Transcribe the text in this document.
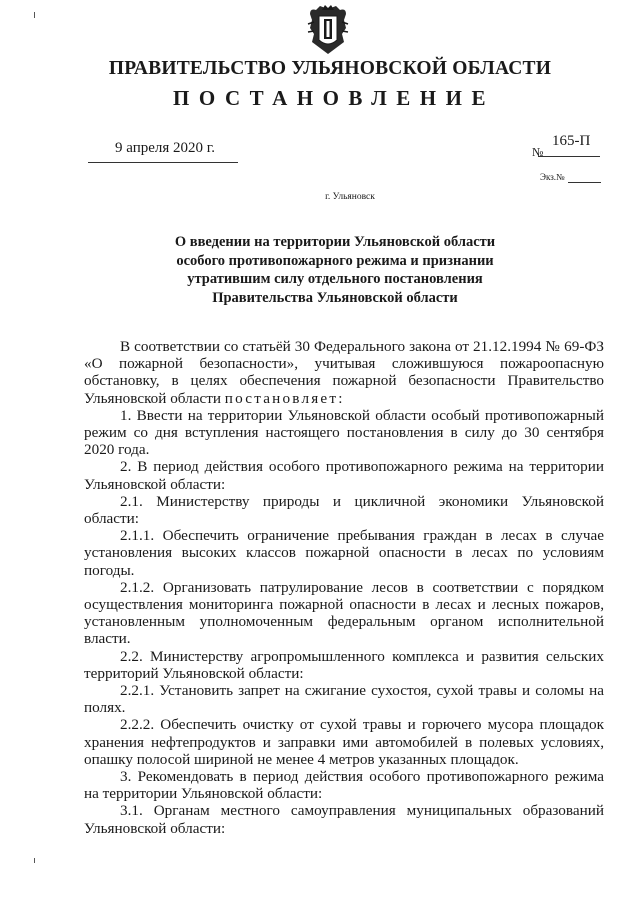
ПРАВИТЕЛЬСТВО УЛЬЯНОВСКОЙ ОБЛАСТИ
ПОСТАНОВЛЕНИЕ
9 апреля 2020 г.	№
165-П
Экз.№
г. Ульяновск
О введении на территории Ульяновской области
особого противопожарного режима и признании
утратившим силу отдельного постановления
Правительства Ульяновской области

В соответствии со статьёй 30 Федерального закона от 21.12.1994 № 69-ФЗ «О пожарной безопасности», учитывая сложившуюся пожароопасную обстановку, в целях обеспечения пожарной безопасности Правительство Ульяновской области постановляет:

1. Ввести на территории Ульяновской области особый противопожарный режим со дня вступления настоящего постановления в силу до 30 сентября 2020 года.

2. В период действия особого противопожарного режима на территории Ульяновской области:

2.1. Министерству природы и цикличной экономики Ульяновской области:

2.1.1. Обеспечить ограничение пребывания граждан в лесах в случае установления высоких классов пожарной опасности в лесах по условиям погоды.

2.1.2. Организовать патрулирование лесов в соответствии с порядком осуществления мониторинга пожарной опасности в лесах и лесных пожаров, установленным уполномоченным федеральным органом исполнительной власти.

2.2. Министерству агропромышленного комплекса и развития сельских территорий Ульяновской области:

2.2.1. Установить запрет на сжигание сухостоя, сухой травы и соломы на полях.

2.2.2. Обеспечить очистку от сухой травы и горючего мусора площадок хранения нефтепродуктов и заправки ими автомобилей в полевых условиях, опашку полосой шириной не менее 4 метров указанных площадок.

3. Рекомендовать в период действия особого противопожарного режима на территории Ульяновской области:

3.1. Органам местного самоуправления муниципальных образований Ульяновской области:
